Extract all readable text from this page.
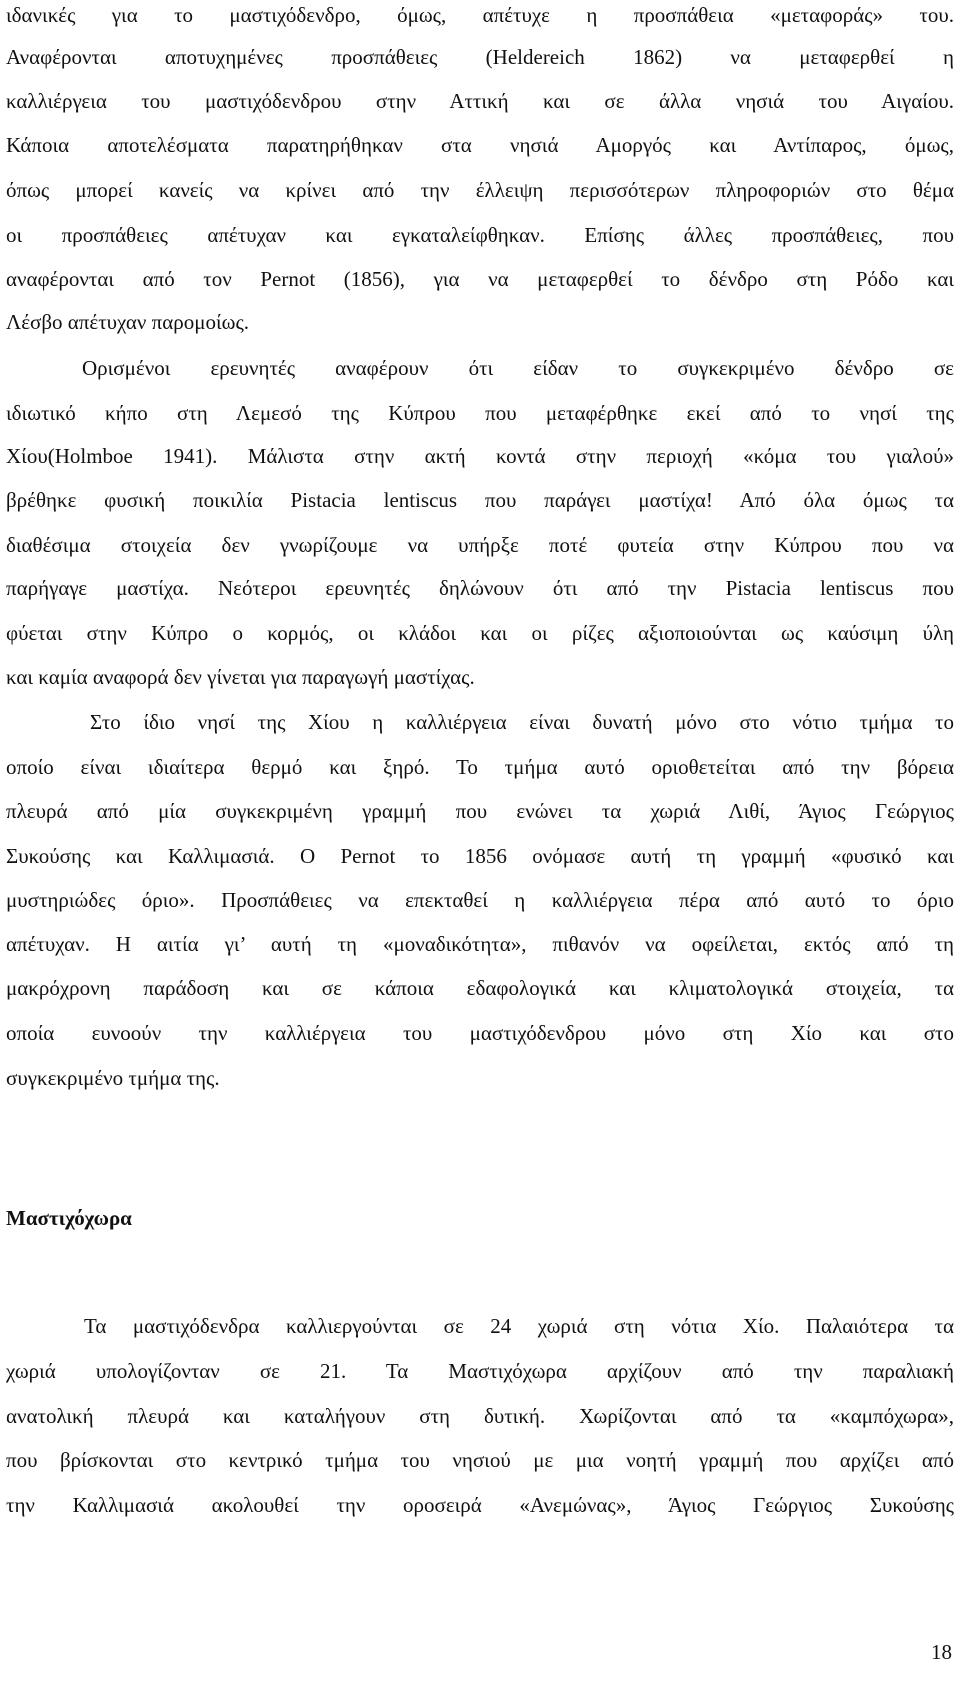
ιδανικές για το μαστιχόδενδρο, όμως, απέτυχε η προσπάθεια «μεταφοράς» του.
Αναφέρονται αποτυχημένες προσπάθειες (Heldereich 1862) να μεταφερθεί η
καλλιέργεια του μαστιχόδενδρου στην Αττική και σε άλλα νησιά του Αιγαίου.
Κάποια αποτελέσματα παρατηρήθηκαν στα νησιά Αμοργός και Αντίπαρος, όμως,
όπως μπορεί κανείς να κρίνει από την έλλειψη περισσότερων πληροφοριών στο θέμα
οι προσπάθειες απέτυχαν και εγκαταλείφθηκαν. Επίσης άλλες προσπάθειες, που
αναφέρονται από τον Pernot (1856), για να μεταφερθεί το δένδρο στη Ρόδο και
Λέσβο απέτυχαν παρομοίως.
Ορισμένοι ερευνητές αναφέρουν ότι είδαν το συγκεκριμένο δένδρο σε
ιδιωτικό κήπο στη Λεμεσό της Κύπρου που μεταφέρθηκε εκεί από το νησί της
Χίου(Holmboe 1941). Μάλιστα στην ακτή κοντά στην περιοχή «κόμα του γιαλού»
βρέθηκε φυσική ποικιλία Pistacia lentiscus που παράγει μαστίχα! Από όλα όμως τα
διαθέσιμα στοιχεία δεν γνωρίζουμε να υπήρξε ποτέ φυτεία στην Κύπρου που να
παρήγαγε μαστίχα. Νεότεροι ερευνητές δηλώνουν ότι από την Pistacia lentiscus που
φύεται στην Κύπρο ο κορμός, οι κλάδοι και οι ρίζες αξιοποιούνται ως καύσιμη ύλη
και καμία αναφορά δεν γίνεται για παραγωγή μαστίχας.
Στο ίδιο νησί της Χίου η καλλιέργεια είναι δυνατή μόνο στο νότιο τμήμα το
οποίο είναι ιδιαίτερα θερμό και ξηρό. Το τμήμα αυτό οριοθετείται από την βόρεια
πλευρά από μία συγκεκριμένη γραμμή που ενώνει τα χωριά Λιθί, Άγιος Γεώργιος
Συκούσης και Καλλιμασιά. Ο Pernot το 1856 ονόμασε αυτή τη γραμμή «φυσικό και
μυστηριώδες όριο». Προσπάθειες να επεκταθεί η καλλιέργεια πέρα από αυτό το όριο
απέτυχαν. Η αιτία γι’ αυτή τη «μοναδικότητα», πιθανόν να οφείλεται, εκτός από τη
μακρόχρονη παράδοση και σε κάποια εδαφολογικά και κλιματολογικά στοιχεία, τα
οποία ευνοούν την καλλιέργεια του μαστιχόδενδρου μόνο στη Χίο και στο
συγκεκριμένο τμήμα της.
Μαστιχόχωρα
Τα μαστιχόδενδρα καλλιεργούνται σε 24 χωριά στη νότια Χίο. Παλαιότερα τα
χωριά υπολογίζονταν σε 21. Τα Μαστιχόχωρα αρχίζουν από την παραλιακή
ανατολική πλευρά και καταλήγουν στη δυτική. Χωρίζονται από τα «καμπόχωρα»,
που βρίσκονται στο κεντρικό τμήμα του νησιού με μια νοητή γραμμή που αρχίζει από
την Καλλιμασιά ακολουθεί την οροσειρά «Ανεμώνας», Άγιος Γεώργιος Συκούσης
18
